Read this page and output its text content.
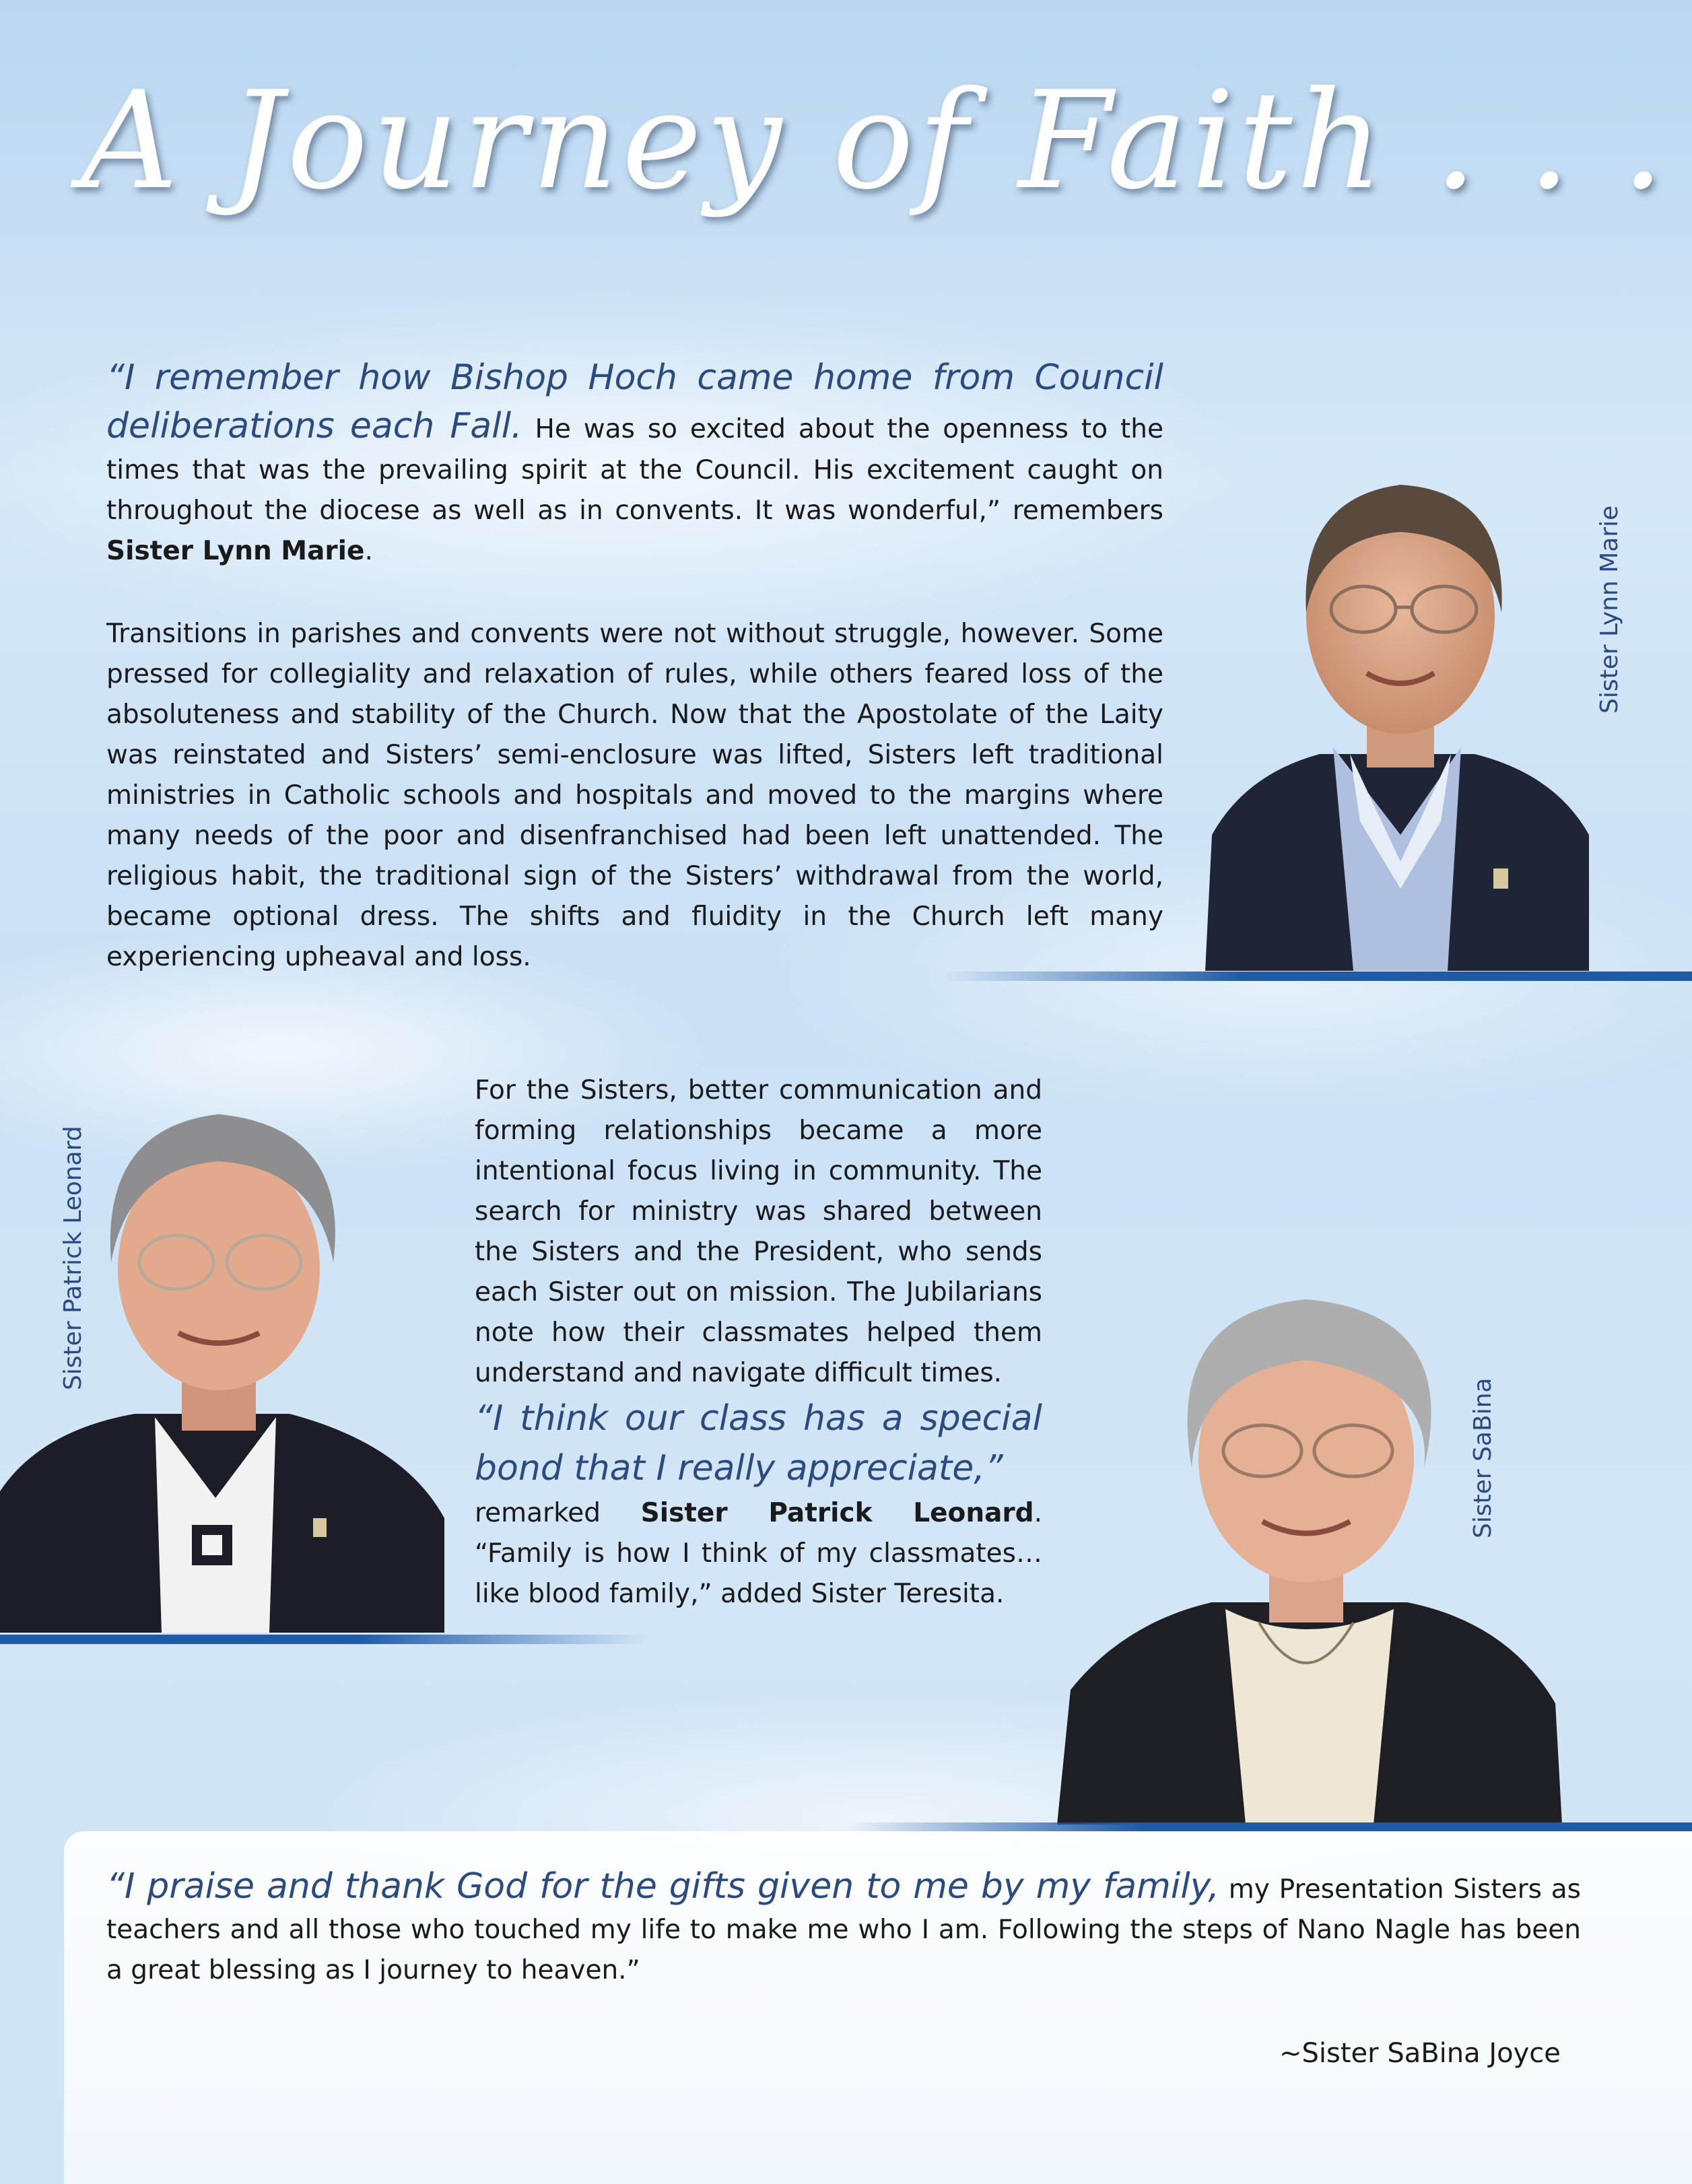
A Journey of Faith . . .

“I remember how Bishop Hoch came home from Council deliberations each Fall. He was so excited about the openness to the times that was the prevailing spirit at the Council. His excitement caught on throughout the diocese as well as in convents. It was wonderful,” remembers Sister Lynn Marie.

Transitions in parishes and convents were not without struggle, however. Some pressed for collegiality and relaxation of rules, while others feared loss of the absoluteness and stability of the Church. Now that the Apostolate of the Laity was reinstated and Sisters’ semi-enclosure was lifted, Sisters left traditional ministries in Catholic schools and hospitals and moved to the margins where many needs of the poor and disenfranchised had been left unattended. The religious habit, the traditional sign of the Sisters’ withdrawal from the world, became optional dress. The shifts and fluidity in the Church left many experiencing upheaval and loss.

Sister Lynn Marie
Sister Patrick Leonard

For the Sisters, better communication and forming relationships became a more intentional focus living in community. The search for ministry was shared between the Sisters and the President, who sends each Sister out on mission. The Jubilarians note how their classmates helped them understand and navigate difficult times.
“I think our class has a special bond that I really appreciate,”
remarked Sister Patrick Leonard. “Family is how I think of my classmates…like blood family,” added Sister Teresita.

Sister SaBina

“I praise and thank God for the gifts given to me by my family, my Presentation Sisters as teachers and all those who touched my life to make me who I am. Following the steps of Nano Nagle has been a great blessing as I journey to heaven.”

~Sister SaBina Joyce
